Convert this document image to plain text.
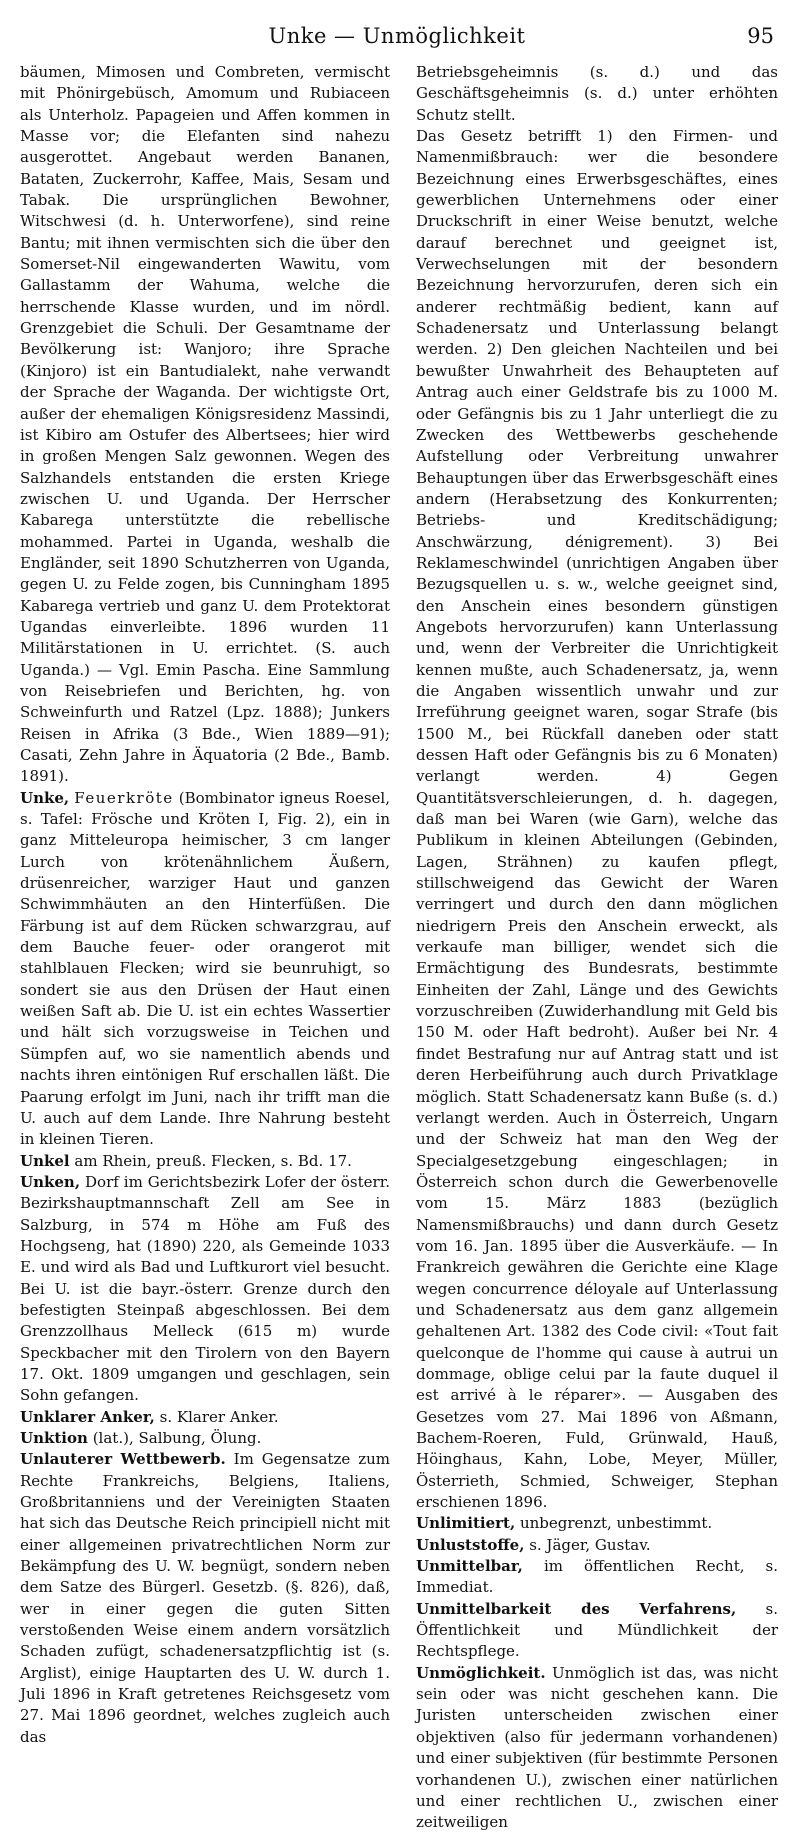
Unke — Unmöglichkeit	95

bäumen, Mimosen und Combreten, vermischt mit Phönirgebüsch, Amomum und Rubiaceen als Unterholz. Papageien und Affen kommen in Masse vor; die Elefanten sind nahezu ausgerottet. Angebaut werden Bananen, Bataten, Zuckerrohr, Kaffee, Mais, Sesam und Tabak. Die ursprünglichen Bewohner, Witschwesi (d. h. Unterworfene), sind reine Bantu; mit ihnen vermischten sich die über den Somerset-Nil eingewanderten Wawitu, vom Gallastamm der Wahuma, welche die herrschende Klasse wurden, und im nördl. Grenzgebiet die Schuli. Der Gesamtname der Bevölkerung ist: Wanjoro; ihre Sprache (Kinjoro) ist ein Bantudialekt, nahe verwandt der Sprache der Waganda. Der wichtigste Ort, außer der ehemaligen Königsresidenz Massindi, ist Kibiro am Ostufer des Albertsees; hier wird in großen Mengen Salz gewonnen. Wegen des Salzhandels entstanden die ersten Kriege zwischen U. und Uganda. Der Herrscher Kabarega unterstützte die rebellische mohammed. Partei in Uganda, weshalb die Engländer, seit 1890 Schutzherren von Uganda, gegen U. zu Felde zogen, bis Cunningham 1895 Kabarega vertrieb und ganz U. dem Protektorat Ugandas einverleibte. 1896 wurden 11 Militärstationen in U. errichtet. (S. auch Uganda.) — Vgl. Emin Pascha. Eine Sammlung von Reisebriefen und Berichten, hg. von Schweinfurth und Ratzel (Lpz. 1888); Junkers Reisen in Afrika (3 Bde., Wien 1889—91); Casati, Zehn Jahre in Äquatoria (2 Bde., Bamb. 1891).

Unke, Feuerkröte (Bombinator igneus Roesel, s. Tafel: Frösche und Kröten I, Fig. 2), ein in ganz Mitteleuropa heimischer, 3 cm langer Lurch von krötenähnlichem Äußern, drüsenreicher, warziger Haut und ganzen Schwimmhäuten an den Hinterfüßen. Die Färbung ist auf dem Rücken schwarzgrau, auf dem Bauche feuer- oder orangerot mit stahlblauen Flecken; wird sie beunruhigt, so sondert sie aus den Drüsen der Haut einen weißen Saft ab. Die U. ist ein echtes Wassertier und hält sich vorzugsweise in Teichen und Sümpfen auf, wo sie namentlich abends und nachts ihren eintönigen Ruf erschallen läßt. Die Paarung erfolgt im Juni, nach ihr trifft man die U. auch auf dem Lande. Ihre Nahrung besteht in kleinen Tieren.

Unkel am Rhein, preuß. Flecken, s. Bd. 17.

Unken, Dorf im Gerichtsbezirk Lofer der österr. Bezirkshauptmannschaft Zell am See in Salzburg, in 574 m Höhe am Fuß des Hochgseng, hat (1890) 220, als Gemeinde 1033 E. und wird als Bad und Luftkurort viel besucht. Bei U. ist die bayr.-österr. Grenze durch den befestigten Steinpaß abgeschlossen. Bei dem Grenzzollhaus Melleck (615 m) wurde Speckbacher mit den Tirolern von den Bayern 17. Okt. 1809 umgangen und geschlagen, sein Sohn gefangen.

Unklarer Anker, s. Klarer Anker.

Unktion (lat.), Salbung, Ölung.

Unlauterer Wettbewerb. Im Gegensatze zum Rechte Frankreichs, Belgiens, Italiens, Großbritanniens und der Vereinigten Staaten hat sich das Deutsche Reich principiell nicht mit einer allgemeinen privatrechtlichen Norm zur Bekämpfung des U. W. begnügt, sondern neben dem Satze des Bürgerl. Gesetzb. (§. 826), daß, wer in einer gegen die guten Sitten verstoßenden Weise einem andern vorsätzlich Schaden zufügt, schadenersatzpflichtig ist (s. Arglist), einige Hauptarten des U. W. durch 1. Juli 1896 in Kraft getretenes Reichsgesetz vom 27. Mai 1896 geordnet, welches zugleich auch das

Betriebsgeheimnis (s. d.) und das Geschäftsgeheimnis (s. d.) unter erhöhten Schutz stellt.

Das Gesetz betrifft 1) den Firmen- und Namenmißbrauch: wer die besondere Bezeichnung eines Erwerbsgeschäftes, eines gewerblichen Unternehmens oder einer Druckschrift in einer Weise benutzt, welche darauf berechnet und geeignet ist, Verwechselungen mit der besondern Bezeichnung hervorzurufen, deren sich ein anderer rechtmäßig bedient, kann auf Schadenersatz und Unterlassung belangt werden. 2) Den gleichen Nachteilen und bei bewußter Unwahrheit des Behaupteten auf Antrag auch einer Geldstrafe bis zu 1000 M. oder Gefängnis bis zu 1 Jahr unterliegt die zu Zwecken des Wettbewerbs geschehende Aufstellung oder Verbreitung unwahrer Behauptungen über das Erwerbsgeschäft eines andern (Herabsetzung des Konkurrenten; Betriebs- und Kreditschädigung; Anschwärzung, dénigrement). 3) Bei Reklameschwindel (unrichtigen Angaben über Bezugsquellen u. s. w., welche geeignet sind, den Anschein eines besondern günstigen Angebots hervorzurufen) kann Unterlassung und, wenn der Verbreiter die Unrichtigkeit kennen mußte, auch Schadenersatz, ja, wenn die Angaben wissentlich unwahr und zur Irreführung geeignet waren, sogar Strafe (bis 1500 M., bei Rückfall daneben oder statt dessen Haft oder Gefängnis bis zu 6 Monaten) verlangt werden. 4) Gegen Quantitätsverschleierungen, d. h. dagegen, daß man bei Waren (wie Garn), welche das Publikum in kleinen Abteilungen (Gebinden, Lagen, Strähnen) zu kaufen pflegt, stillschweigend das Gewicht der Waren verringert und durch den dann möglichen niedrigern Preis den Anschein erweckt, als verkaufe man billiger, wendet sich die Ermächtigung des Bundesrats, bestimmte Einheiten der Zahl, Länge und des Gewichts vorzuschreiben (Zuwiderhandlung mit Geld bis 150 M. oder Haft bedroht). Außer bei Nr. 4 findet Bestrafung nur auf Antrag statt und ist deren Herbeiführung auch durch Privatklage möglich. Statt Schadenersatz kann Buße (s. d.) verlangt werden. Auch in Österreich, Ungarn und der Schweiz hat man den Weg der Specialgesetzgebung eingeschlagen; in Österreich schon durch die Gewerbenovelle vom 15. März 1883 (bezüglich Namensmißbrauchs) und dann durch Gesetz vom 16. Jan. 1895 über die Ausverkäufe. — In Frankreich gewähren die Gerichte eine Klage wegen concurrence déloyale auf Unterlassung und Schadenersatz aus dem ganz allgemein gehaltenen Art. 1382 des Code civil: «Tout fait quelconque de l'homme qui cause à autrui un dommage, oblige celui par la faute duquel il est arrivé à le réparer». — Ausgaben des Gesetzes vom 27. Mai 1896 von Aßmann, Bachem-Roeren, Fuld, Grünwald, Hauß, Höinghaus, Kahn, Lobe, Meyer, Müller, Österrieth, Schmied, Schweiger, Stephan erschienen 1896.

Unlimitiert, unbegrenzt, unbestimmt.

Unluststoffe, s. Jäger, Gustav.

Unmittelbar, im öffentlichen Recht, s. Immediat.

Unmittelbarkeit des Verfahrens, s. Öffentlichkeit und Mündlichkeit der Rechtspflege.

Unmöglichkeit. Unmöglich ist das, was nicht sein oder was nicht geschehen kann. Die Juristen unterscheiden zwischen einer objektiven (also für jedermann vorhandenen) und einer subjektiven (für bestimmte Personen vorhandenen U.), zwischen einer natürlichen und einer rechtlichen U., zwischen einer zeitweiligen
